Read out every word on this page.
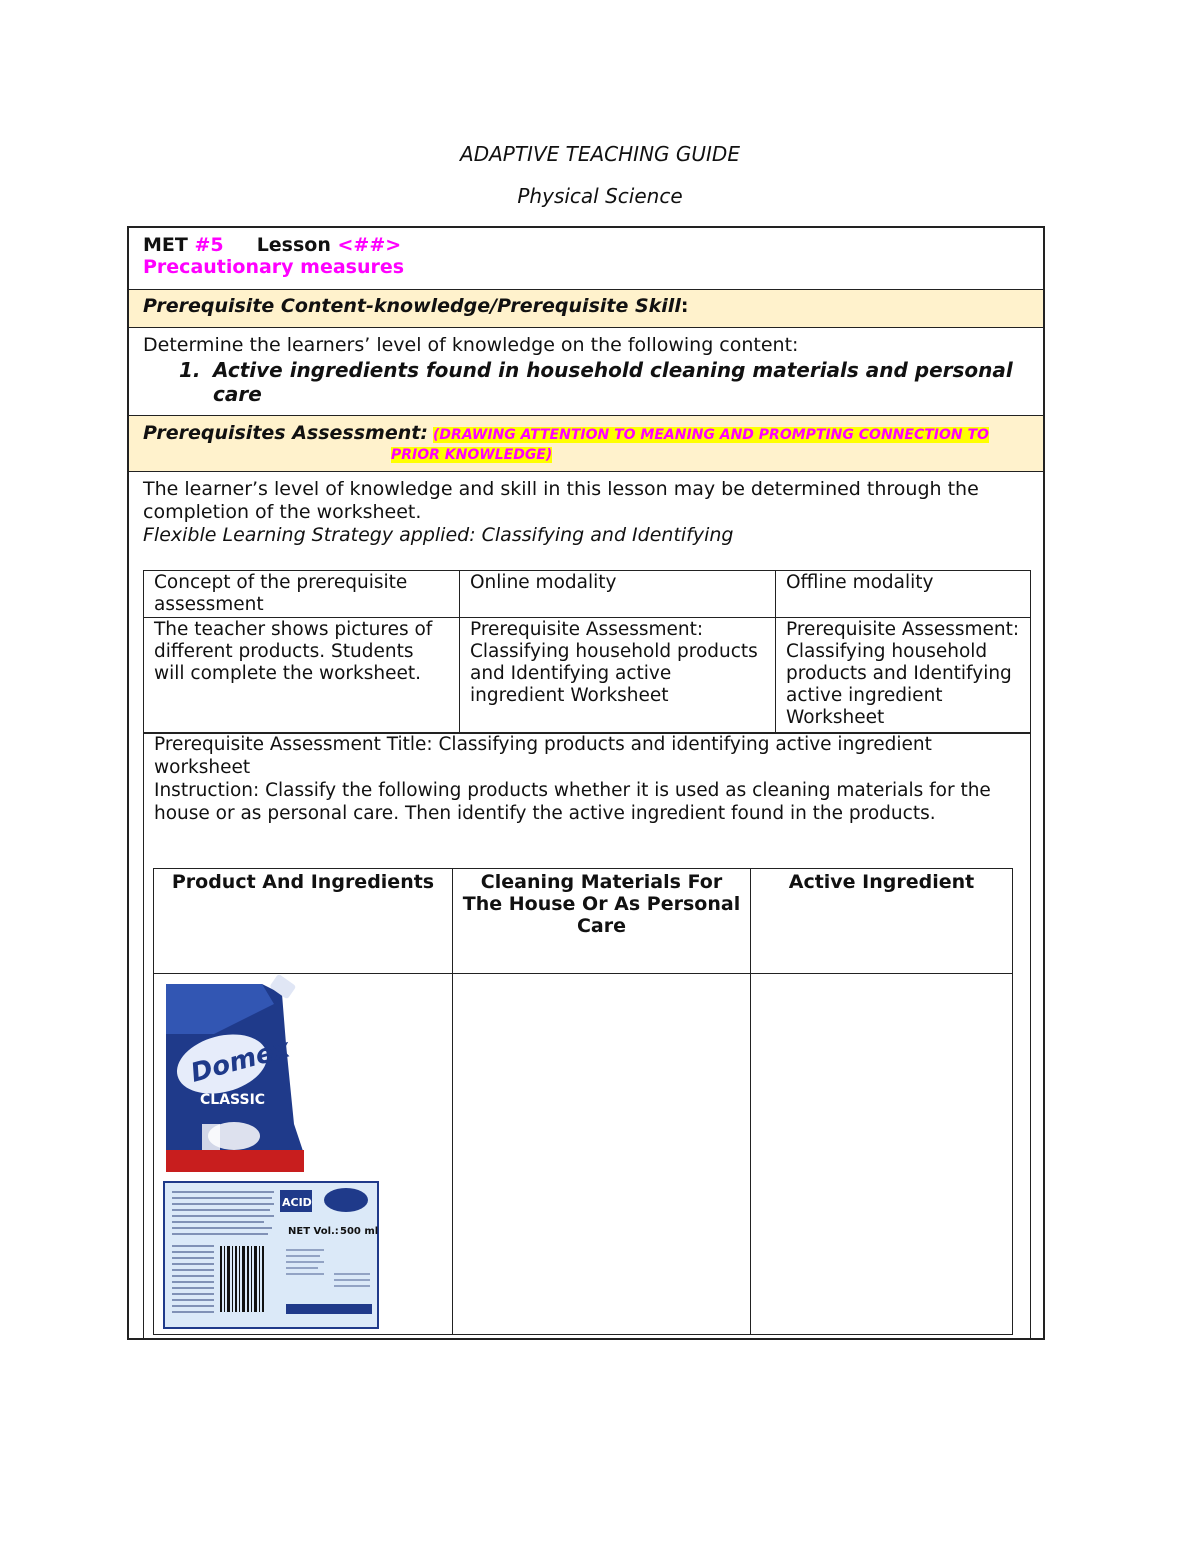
ADAPTIVE TEACHING GUIDE
Physical Science
MET #5 Lesson <##>
Precautionary measures
Prerequisite Content-knowledge/Prerequisite Skill:
Determine the learners’ level of knowledge on the following content:
1. Active ingredients found in household cleaning materials and personal care
Prerequisites Assessment: (DRAWING ATTENTION TO MEANING AND PROMPTING CONNECTION TO
PRIOR KNOWLEDGE)
The learner’s level of knowledge and skill in this lesson may be determined through the completion of the worksheet.
Flexible Learning Strategy applied: Classifying and Identifying
Concept of the prerequisite assessment	Online modality	Offline modality
The teacher shows pictures of different products. Students will complete the worksheet.	Prerequisite Assessment: Classifying household products and Identifying active ingredient Worksheet	Prerequisite Assessment: Classifying household products and Identifying active ingredient Worksheet
Prerequisite Assessment Title: Classifying products and identifying active ingredient worksheet
Instruction: Classify the following products whether it is used as cleaning materials for the house or as personal care. Then identify the active ingredient found in the products.
Product And Ingredients	Cleaning Materials For The House Or As Personal Care	Active Ingredient

Domex
CLASSIC
ACID
NET Vol.: 500 ml		
